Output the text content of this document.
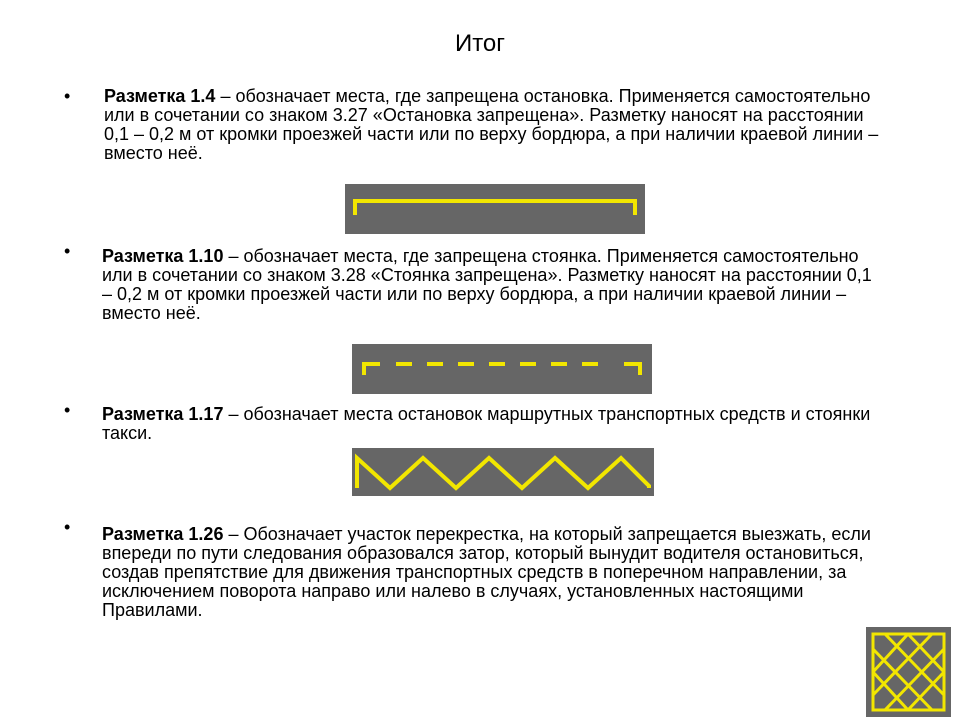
Итог
• Разметка 1.4 – обозначает места, где запрещена остановка. Применяется самостоятельно или в сочетании со знаком 3.27 «Остановка запрещена». Разметку наносят на расстоянии 0,1 – 0,2 м от кромки проезжей части или по верху бордюра, а при наличии краевой линии – вместо неё.
• Разметка 1.10 – обозначает места, где запрещена стоянка. Применяется самостоятельно или в сочетании со знаком 3.28 «Стоянка запрещена». Разметку наносят на расстоянии 0,1 – 0,2 м от кромки проезжей части или по верху бордюра, а при наличии краевой линии – вместо неё.
• Разметка 1.17 – обозначает места остановок маршрутных транспортных средств и стоянки такси.
• Разметка 1.26 – Обозначает участок перекрестка, на который запрещается выезжать, если впереди по пути следования образовался затор, который вынудит водителя остановиться, создав препятствие для движения транспортных средств в поперечном направлении, за исключением поворота направо или налево в случаях, установленных настоящими Правилами.
